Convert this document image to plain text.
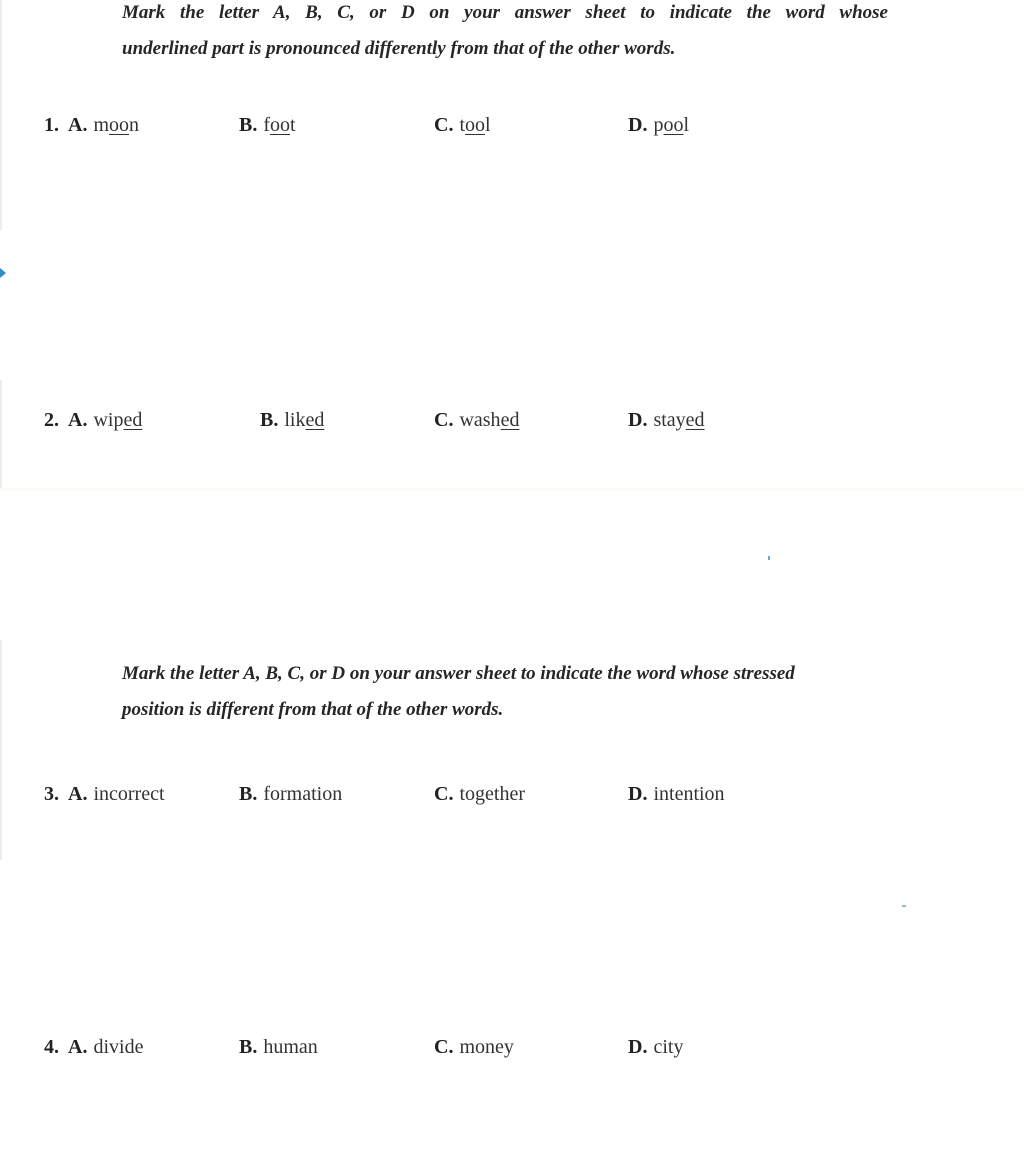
Mark the letter A, B, C, or D on your answer sheet to indicate the word whose
underlined part is pronounced differently from that of the other words.

1. A. moon	B. foot	C. tool	D. pool
2. A. wiped	B. liked	C. washed	D. stayed

Mark the letter A, B, C, or D on your answer sheet to indicate the word whose stressed
position is different from that of the other words.

3. A. incorrect	B. formation	C. together	D. intention
4. A. divide	B. human	C. money	D. city
